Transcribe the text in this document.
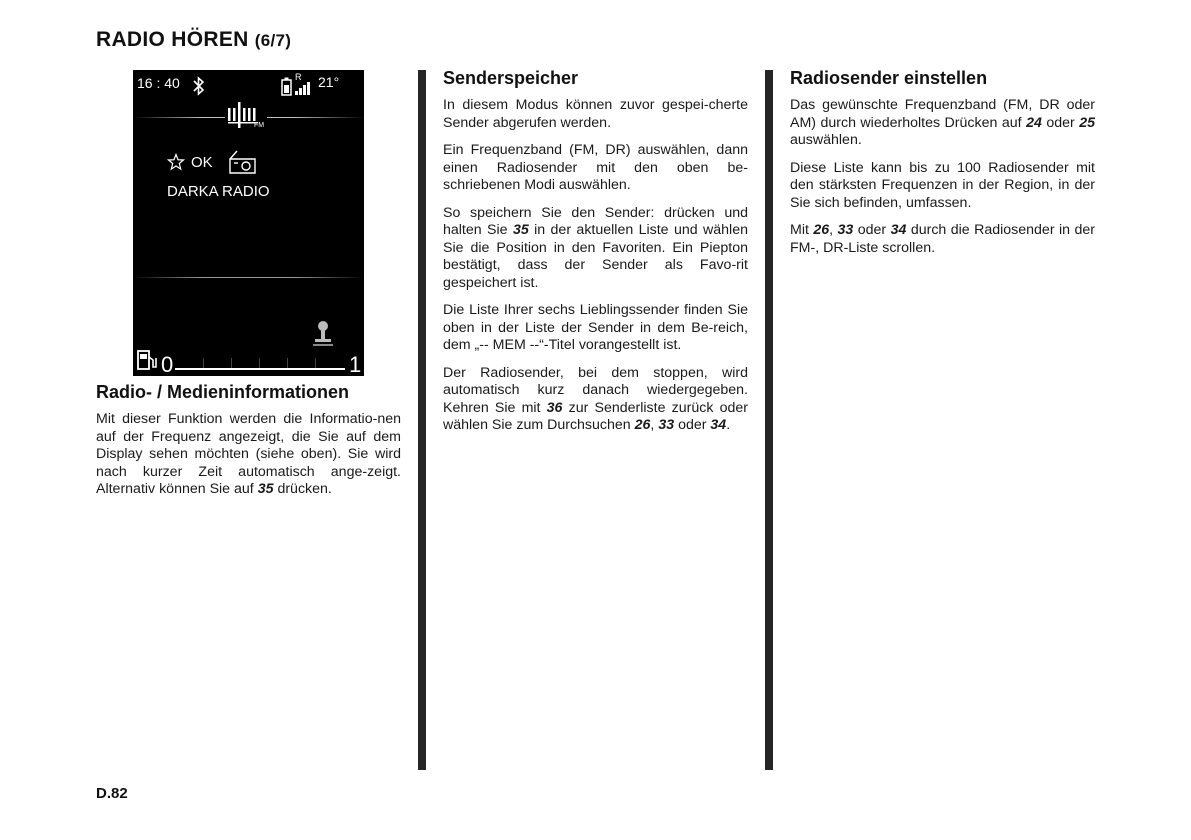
RADIO HÖREN (6/7)
16 : 40	R 21°
FM
OK
DARKA RADIO
0	1
Radio- / Medieninformationen

Mit dieser Funktion werden die Informatio-nen auf der Frequenz angezeigt, die Sie auf dem Display sehen möchten (siehe oben). Sie wird nach kurzer Zeit automatisch ange-zeigt. Alternativ können Sie auf 35 drücken.

Senderspeicher

In diesem Modus können zuvor gespei-cherte Sender abgerufen werden.

Ein Frequenzband (FM, DR) auswählen, dann einen Radiosender mit den oben be-schriebenen Modi auswählen.

So speichern Sie den Sender: drücken und halten Sie 35 in der aktuellen Liste und wählen Sie die Position in den Favoriten. Ein Piepton bestätigt, dass der Sender als Favo-rit gespeichert ist.

Die Liste Ihrer sechs Lieblingssender finden Sie oben in der Liste der Sender in dem Be-reich, dem „-- MEM --“-Titel vorangestellt ist.

Der Radiosender, bei dem stoppen, wird automatisch kurz danach wiedergegeben. Kehren Sie mit 36 zur Senderliste zurück oder wählen Sie zum Durchsuchen 26, 33 oder 34.

Radiosender einstellen

Das gewünschte Frequenzband (FM, DR oder AM) durch wiederholtes Drücken auf 24 oder 25 auswählen.

Diese Liste kann bis zu 100 Radiosender mit den stärksten Frequenzen in der Region, in der Sie sich befinden, umfassen.

Mit 26, 33 oder 34 durch die Radiosender in der FM-, DR-Liste scrollen.

D.82
